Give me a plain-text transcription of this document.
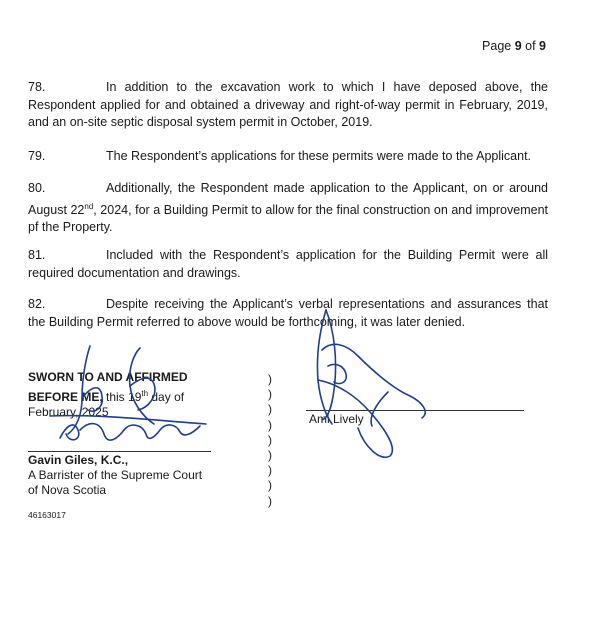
Page 9 of 9
78.	In addition to the excavation work to which I have deposed above, the Respondent applied for and obtained a driveway and right-of-way permit in February, 2019, and an on-site septic disposal system permit in October, 2019.
79.	The Respondent’s applications for these permits were made to the Applicant.
80.	Additionally, the Respondent made application to the Applicant, on or around August 22nd, 2024, for a Building Permit to allow for the final construction on and improvement pf the Property.
81.	Included with the Respondent’s application for the Building Permit were all required documentation and drawings.
82.	Despite receiving the Applicant’s verbal representations and assurances that the Building Permit referred to above would be forthcoming, it was later denied.
SWORN TO AND AFFIRMED
BEFORE ME, this 19th day of
February, 2025
Gavin Giles, K.C.,
A Barrister of the Supreme Court
of Nova Scotia
)
)
)
)
)
)
)
)
)
Ami Lively
46163017
